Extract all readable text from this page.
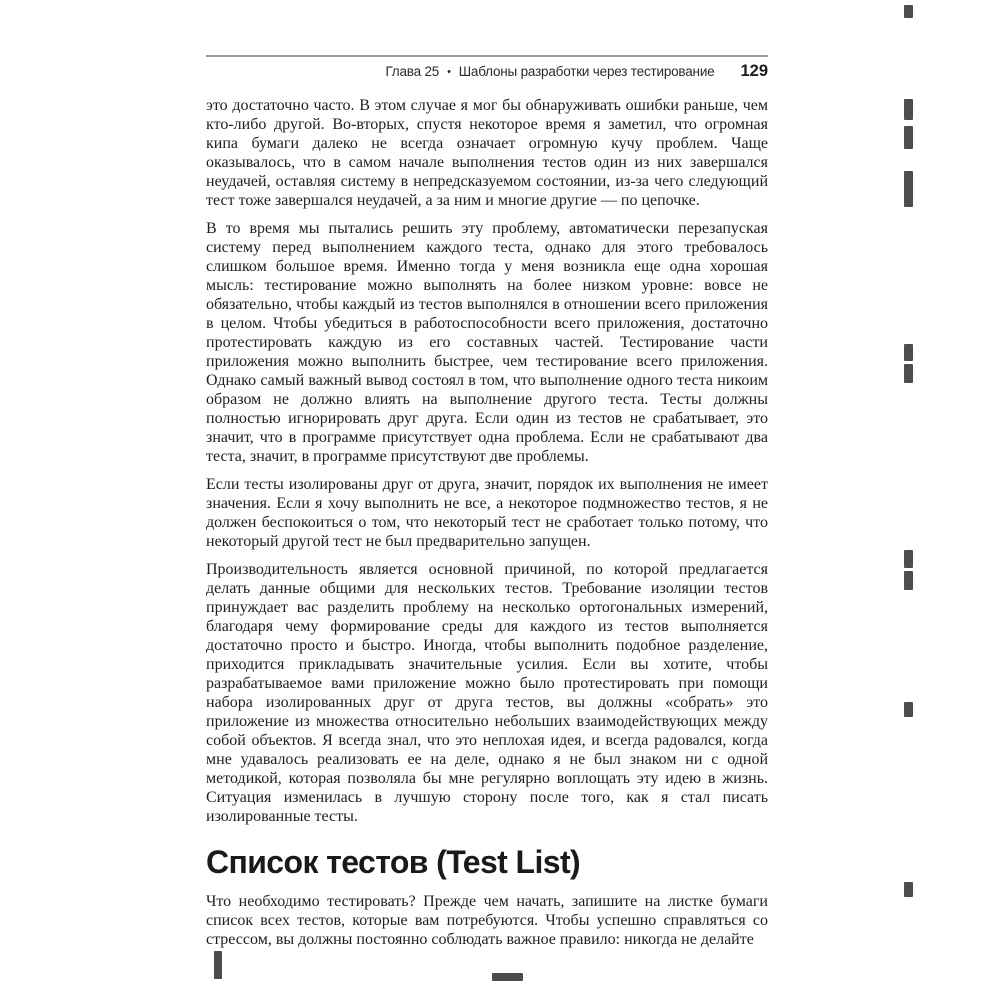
Глава 25 • Шаблоны разработки через тестирование 129

это достаточно часто. В этом случае я мог бы обнаруживать ошибки раньше, чем кто-либо другой. Во-вторых, спустя некоторое время я заметил, что огромная кипа бумаги далеко не всегда означает огромную кучу проблем. Чаще оказывалось, что в самом начале выполнения тестов один из них завершался неудачей, оставляя систему в непредсказуемом состоянии, из-за чего следующий тест тоже завершался неудачей, а за ним и многие другие — по цепочке.

В то время мы пытались решить эту проблему, автоматически перезапуская систему перед выполнением каждого теста, однако для этого требовалось слишком большое время. Именно тогда у меня возникла еще одна хорошая мысль: тестирование можно выполнять на более низком уровне: вовсе не обязательно, чтобы каждый из тестов выполнялся в отношении всего приложения в целом. Чтобы убедиться в работоспособности всего приложения, достаточно протестировать каждую из его составных частей. Тестирование части приложения можно выполнить быстрее, чем тестирование всего приложения. Однако самый важный вывод состоял в том, что выполнение одного теста никоим образом не должно влиять на выполнение другого теста. Тесты должны полностью игнорировать друг друга. Если один из тестов не срабатывает, это значит, что в программе присутствует одна проблема. Если не срабатывают два теста, значит, в программе присутствуют две проблемы.

Если тесты изолированы друг от друга, значит, порядок их выполнения не имеет значения. Если я хочу выполнить не все, а некоторое подмножество тестов, я не должен беспокоиться о том, что некоторый тест не сработает только потому, что некоторый другой тест не был предварительно запущен.

Производительность является основной причиной, по которой предлагается делать данные общими для нескольких тестов. Требование изоляции тестов принуждает вас разделить проблему на несколько ортогональных измерений, благодаря чему формирование среды для каждого из тестов выполняется достаточно просто и быстро. Иногда, чтобы выполнить подобное разделение, приходится прикладывать значительные усилия. Если вы хотите, чтобы разрабатываемое вами приложение можно было протестировать при помощи набора изолированных друг от друга тестов, вы должны «собрать» это приложение из множества относительно небольших взаимодействующих между собой объектов. Я всегда знал, что это неплохая идея, и всегда радовался, когда мне удавалось реализовать ее на деле, однако я не был знаком ни с одной методикой, которая позволяла бы мне регулярно воплощать эту идею в жизнь. Ситуация изменилась в лучшую сторону после того, как я стал писать изолированные тесты.

Список тестов (Test List)

Что необходимо тестировать? Прежде чем начать, запишите на листке бумаги список всех тестов, которые вам потребуются. Чтобы успешно справляться со стрессом, вы должны постоянно соблюдать важное правило: никогда не делайте
